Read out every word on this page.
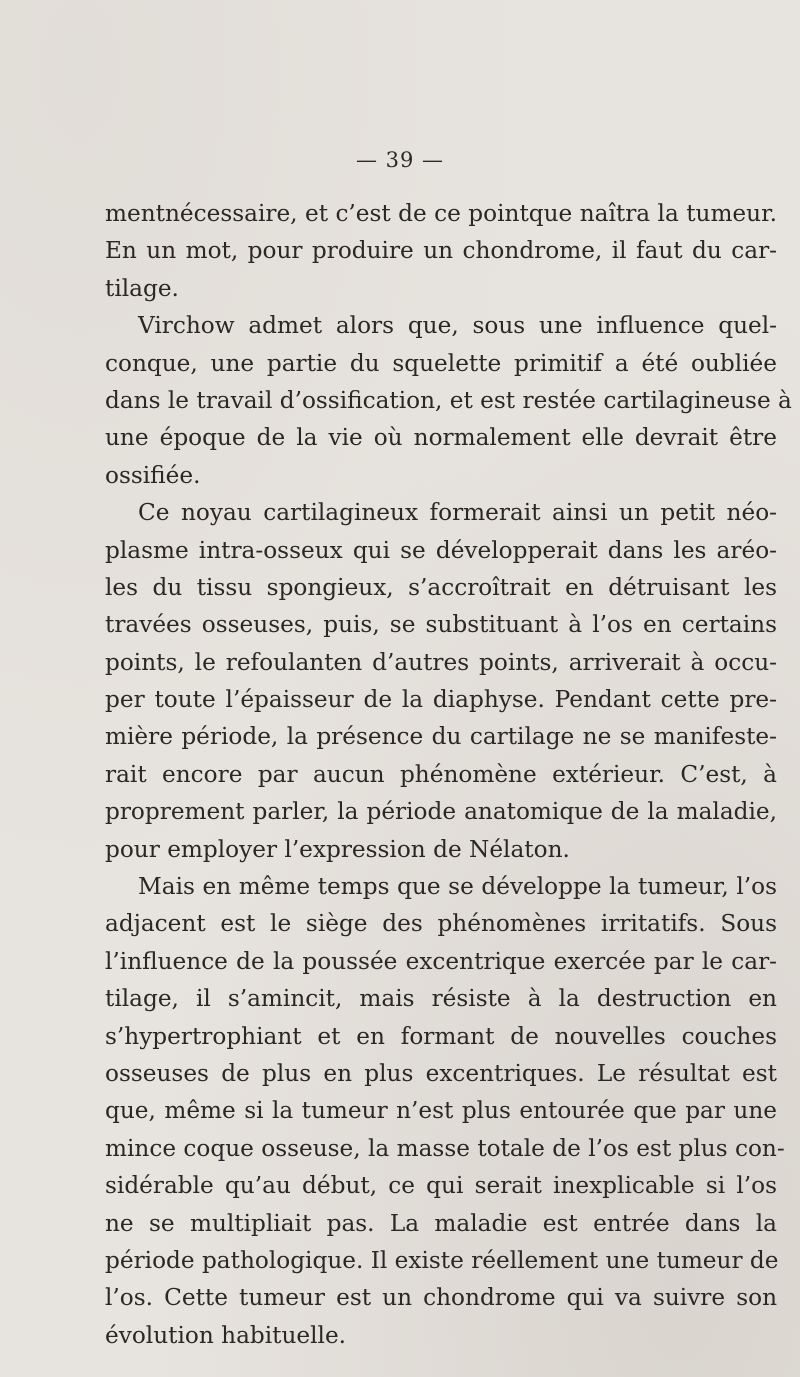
— 39 —
mentnécessaire, et c’est de ce pointque naîtra la tumeur.
En un mot, pour produire un chondrome, il faut du car-
tilage.
Virchow admet alors que, sous une influence quel-
conque, une partie du squelette primitif a été oubliée
dans le travail d’ossification, et est restée cartilagineuse à
une époque de la vie où normalement elle devrait être
ossifiée.
Ce noyau cartilagineux formerait ainsi un petit néo-
plasme intra-osseux qui se développerait dans les aréo-
les du tissu spongieux, s’accroîtrait en détruisant les
travées osseuses, puis, se substituant à l’os en certains
points, le refoulanten d’autres points, arriverait à occu-
per toute l’épaisseur de la diaphyse. Pendant cette pre-
mière période, la présence du cartilage ne se manifeste-
rait encore par aucun phénomène extérieur. C’est, à
proprement parler, la période anatomique de la maladie,
pour employer l’expression de Nélaton.
Mais en même temps que se développe la tumeur, l’os
adjacent est le siège des phénomènes irritatifs. Sous
l’influence de la poussée excentrique exercée par le car-
tilage, il s’amincit, mais résiste à la destruction en
s’hypertrophiant et en formant de nouvelles couches
osseuses de plus en plus excentriques. Le résultat est
que, même si la tumeur n’est plus entourée que par une
mince coque osseuse, la masse totale de l’os est plus con-
sidérable qu’au début, ce qui serait inexplicable si l’os
ne se multipliait pas. La maladie est entrée dans la
période pathologique. Il existe réellement une tumeur de
l’os. Cette tumeur est un chondrome qui va suivre son
évolution habituelle.
